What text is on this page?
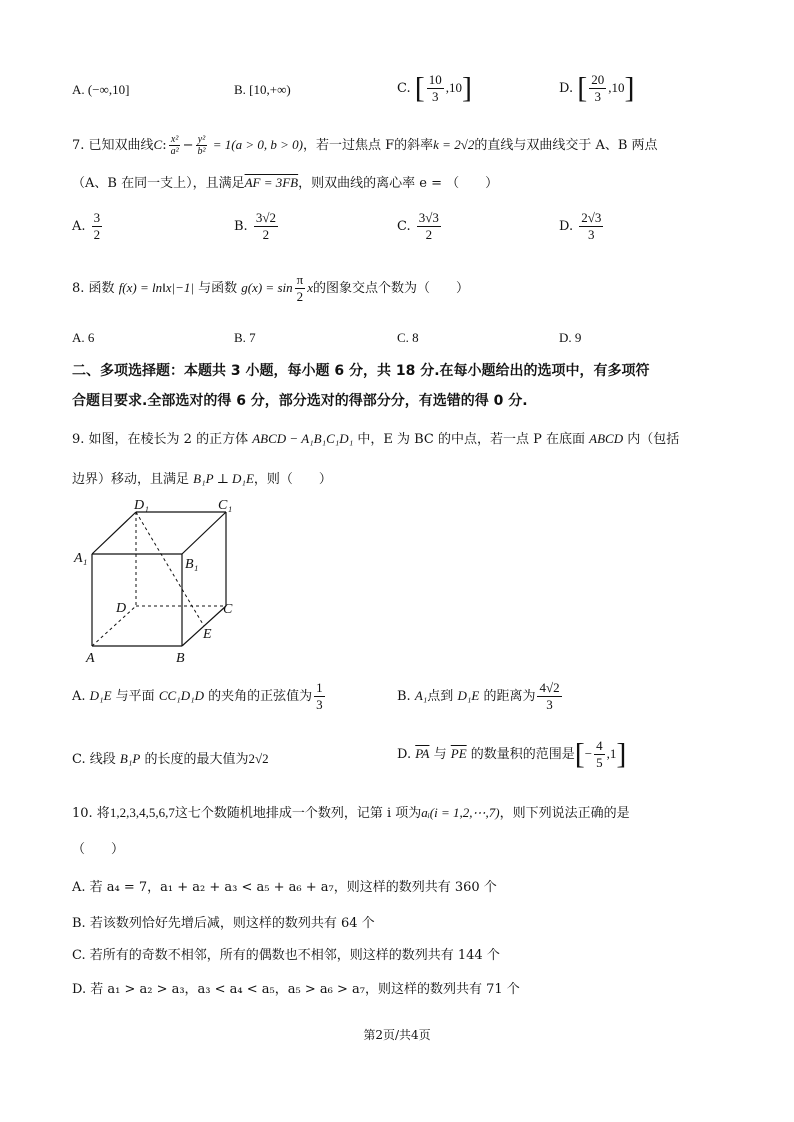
A. (−∞,10]	B. [10,+∞)	C. [ $\frac{10}{3} ,10$]	D. [ $\frac{20}{3} ,10$]
7. 已知双曲线C: $\frac{\text{x²}}{\text{a²}} - \frac{\text{y²}}{\text{b²}} = 1(a > 0$, b > 0)，若一过焦点 F的斜率k = 2√2的直线与双曲线交于 A、B 两点
（A、B 在同一支上），且满足AF = 3FB，则双曲线的离心率 e = （　　）
A. $\frac{3}{2}$	B. $\frac{3√2}{2}$	C. $\frac{3√3}{2}$	D. $\frac{2√3}{3}$
8. 函数 f(x) = ln‖x|−1| 与函数 $g(x) = \sin \frac{\pi}{2}$ x的图象交点个数为（　　）
A. 6	B. 7	C. 8	D. 9
二、多项选择题：本题共 3 小题，每小题 6 分，共 18 分.在每小题给出的选项中，有多项符
合题目要求.全部选对的得 6 分，部分选对的得部分分，有选错的得 0 分.
9. 如图，在棱长为 2 的正方体 ABCD − A₁B₁C₁D₁ 中，E 为 BC 的中点，若一点 P 在底面 ABCD 内（包括
边界）移动，且满足 B₁P ⊥ D₁E，则（　　）
D₁	C₁
A₁	B₁
D	C
E
A	B
A. D₁E 与平面 CC₁D₁D 的夹角的正弦值为 $\frac{1}{3}$	B. A₁点到 D₁E 的距离为 $\frac{4√2}{3}$
C. 线段 B₁P 的长度的最大值为2√2	D. $\overline{PA}$ 与 $\overline{PE}$ 的数量积的范围是[− $\frac{4}{5} ,1$]
10. 将1,2,3,4,5,6,7这七个数随机地排成一个数列，记第 i 项为aᵢ(i = 1,2,⋯,7)，则下列说法正确的是
（　　）
A. 若 a₄ = 7，a₁ + a₂ + a₃ < a₅ + a₆ + a₇，则这样的数列共有 360 个
B. 若该数列恰好先增后减，则这样的数列共有 64 个
C. 若所有的奇数不相邻，所有的偶数也不相邻，则这样的数列共有 144 个
D. 若 a₁ > a₂ > a₃，a₃ < a₄ < a₅，a₅ > a₆ > a₇，则这样的数列共有 71 个
第2页/共4页
